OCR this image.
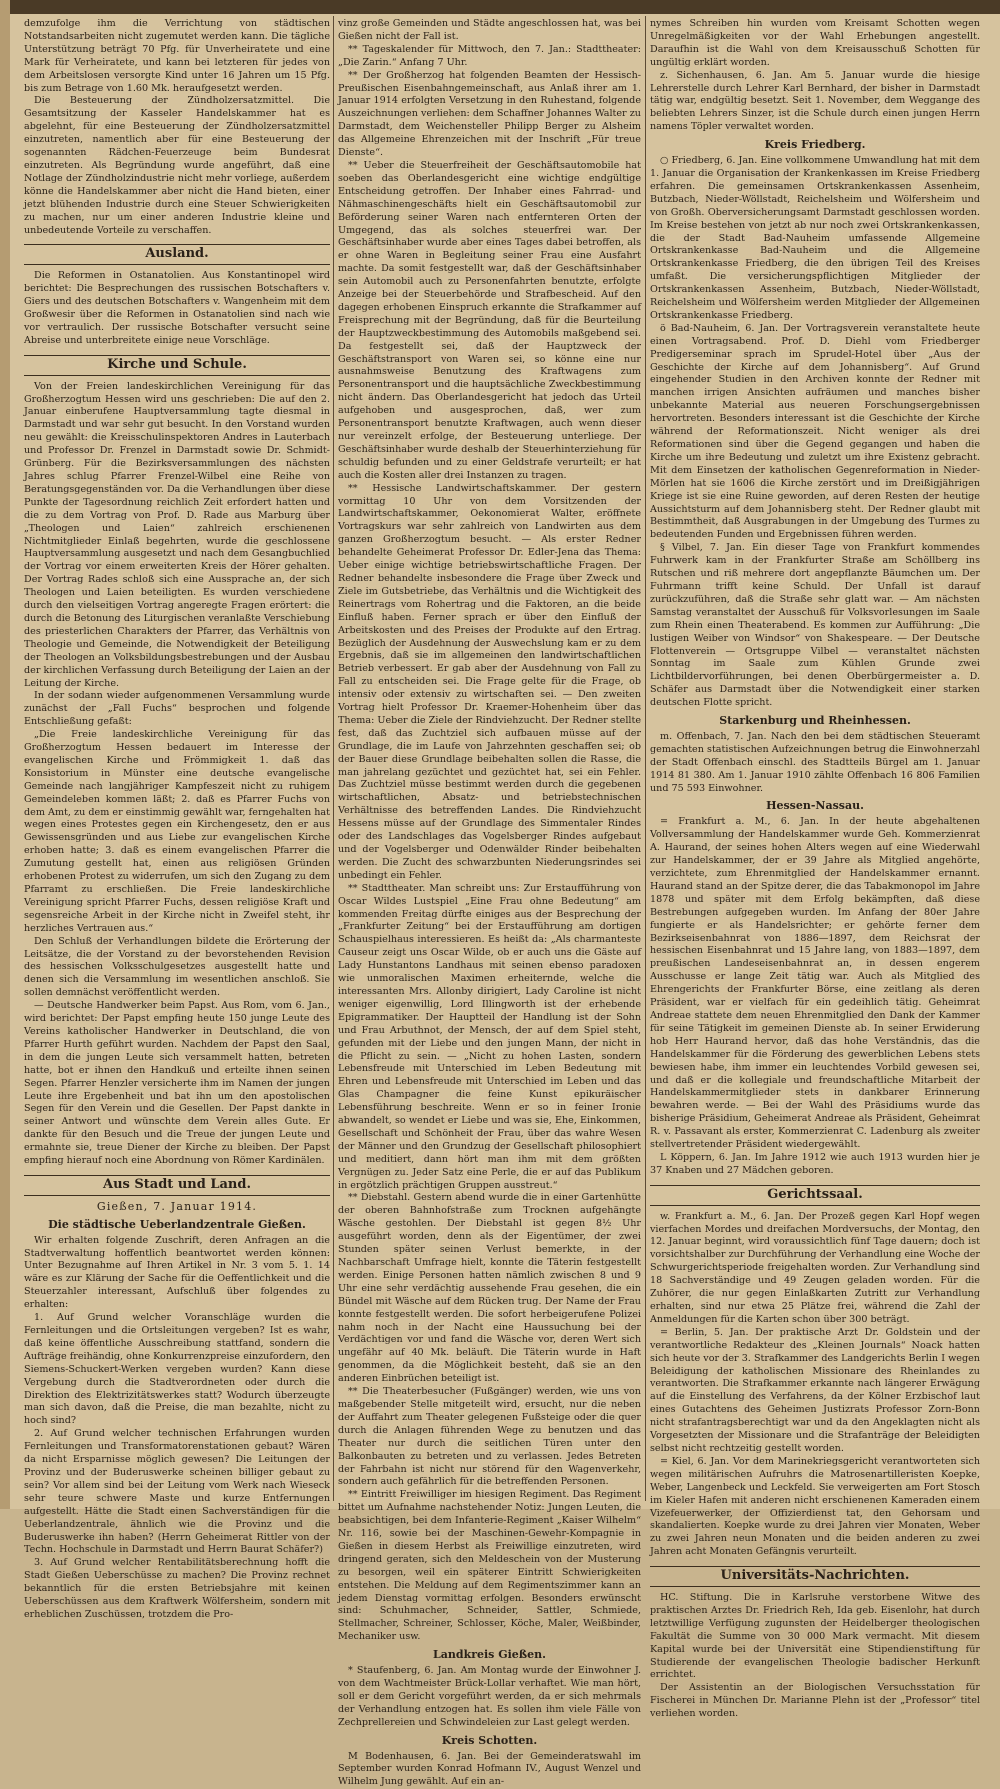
demzufolge ihm die Verrichtung von städtischen Notstandsarbeiten nicht zugemutet werden kann. Die tägliche Unterstützung beträgt 70 Pfg. für Unverheiratete und eine Mark für Verheiratete, und kann bei letzteren für jedes von dem Arbeitslosen versorgte Kind unter 16 Jahren um 15 Pfg. bis zum Betrage von 1.60 Mk. heraufgesetzt werden.

Die Besteuerung der Zündholzersatzmittel. Die Gesamtsitzung der Kasseler Handelskammer hat es abgelehnt, für eine Besteuerung der Zündholzersatzmittel einzutreten, namentlich aber für eine Besteuerung der sogenannten Rädchen-Feuerzeuge beim Bundesrat einzutreten. Als Begründung wurde angeführt, daß eine Notlage der Zündholzindustrie nicht mehr vorliege, außerdem könne die Handelskammer aber nicht die Hand bieten, einer jetzt blühenden Industrie durch eine Steuer Schwierigkeiten zu machen, nur um einer anderen Industrie kleine und unbedeutende Vorteile zu verschaffen.

Ausland.

Die Reformen in Ostanatolien. Aus Konstantinopel wird berichtet: Die Besprechungen des russischen Botschafters v. Giers und des deutschen Botschafters v. Wangenheim mit dem Großwesir über die Reformen in Ostanatolien sind nach wie vor vertraulich. Der russische Botschafter versucht seine Abreise und unterbreitete einige neue Vorschläge.

Kirche und Schule.

Von der Freien landeskirchlichen Vereinigung für das Großherzogtum Hessen wird uns geschrieben: Die auf den 2. Januar einberufene Hauptversammlung tagte diesmal in Darmstadt und war sehr gut besucht. In den Vorstand wurden neu gewählt: die Kreisschulinspektoren Andres in Lauterbach und Professor Dr. Frenzel in Darmstadt sowie Dr. Schmidt-Grünberg. Für die Bezirksversammlungen des nächsten Jahres schlug Pfarrer Frenzel-Wilbel eine Reihe von Beratungsgegenständen vor. Da die Verhandlungen über diese Punkte der Tagesordnung reichlich Zeit erfordert hatten und die zu dem Vortrag von Prof. D. Rade aus Marburg über „Theologen und Laien“ zahlreich erschienenen Nichtmitglieder Einlaß begehrten, wurde die geschlossene Hauptversammlung ausgesetzt und nach dem Gesangbuchlied der Vortrag vor einem erweiterten Kreis der Hörer gehalten. Der Vortrag Rades schloß sich eine Aussprache an, der sich Theologen und Laien beteiligten. Es wurden verschiedene durch den vielseitigen Vortrag angeregte Fragen erörtert: die durch die Betonung des Liturgischen veranlaßte Verschiebung des priesterlichen Charakters der Pfarrer, das Verhältnis von Theologie und Gemeinde, die Notwendigkeit der Beteiligung der Theologen an Volksbildungsbestrebungen und der Ausbau der kirchlichen Verfassung durch Beteiligung der Laien an der Leitung der Kirche.

In der sodann wieder aufgenommenen Versammlung wurde zunächst der „Fall Fuchs“ besprochen und folgende Entschließung gefaßt:

„Die Freie landeskirchliche Vereinigung für das Großherzogtum Hessen bedauert im Interesse der evangelischen Kirche und Frömmigkeit 1. daß das Konsistorium in Münster eine deutsche evangelische Gemeinde nach langjähriger Kampfeszeit nicht zu ruhigem Gemeindeleben kommen läßt; 2. daß es Pfarrer Fuchs von dem Amt, zu dem er einstimmig gewählt war, ferngehalten hat wegen eines Protestes gegen ein Kirchengesetz, den er aus Gewissensgründen und aus Liebe zur evangelischen Kirche erhoben hatte; 3. daß es einem evangelischen Pfarrer die Zumutung gestellt hat, einen aus religiösen Gründen erhobenen Protest zu widerrufen, um sich den Zugang zu dem Pfarramt zu erschließen. Die Freie landeskirchliche Vereinigung spricht Pfarrer Fuchs, dessen religiöse Kraft und segensreiche Arbeit in der Kirche nicht in Zweifel steht, ihr herzliches Vertrauen aus.“

Den Schluß der Verhandlungen bildete die Erörterung der Leitsätze, die der Vorstand zu der bevorstehenden Revision des hessischen Volksschulgesetzes ausgestellt hatte und denen sich die Versammlung im wesentlichen anschloß. Sie sollen demnächst veröffentlicht werden.

— Deutsche Handwerker beim Papst. Aus Rom, vom 6. Jan., wird berichtet: Der Papst empfing heute 150 junge Leute des Vereins katholischer Handwerker in Deutschland, die von Pfarrer Hurth geführt wurden. Nachdem der Papst den Saal, in dem die jungen Leute sich versammelt hatten, betreten hatte, bot er ihnen den Handkuß und erteilte ihnen seinen Segen. Pfarrer Henzler versicherte ihm im Namen der jungen Leute ihre Ergebenheit und bat ihn um den apostolischen Segen für den Verein und die Gesellen. Der Papst dankte in seiner Antwort und wünschte dem Verein alles Gute. Er dankte für den Besuch und die Treue der jungen Leute und ermahnte sie, treue Diener der Kirche zu bleiben. Der Papst empfing hierauf noch eine Abordnung von Römer Kardinälen.

Aus Stadt und Land.
Gießen, 7. Januar 1914.
Die städtische Ueberlandzentrale Gießen.

Wir erhalten folgende Zuschrift, deren Anfragen an die Stadtverwaltung hoffentlich beantwortet werden können: Unter Bezugnahme auf Ihren Artikel in Nr. 3 vom 5. 1. 14 wäre es zur Klärung der Sache für die Oeffentlichkeit und die Steuerzahler interessant, Aufschluß über folgendes zu erhalten:

1. Auf Grund welcher Voranschläge wurden die Fernleitungen und die Ortsleitungen vergeben? Ist es wahr, daß keine öffentliche Ausschreibung stattfand, sondern die Aufträge freihändig, ohne Konkurrenzpreise einzufordern, den Siemens-Schuckert-Werken vergeben wurden? Kann diese Vergebung durch die Stadtverordneten oder durch die Direktion des Elektrizitätswerkes statt? Wodurch überzeugte man sich davon, daß die Preise, die man bezahlte, nicht zu hoch sind?

2. Auf Grund welcher technischen Erfahrungen wurden Fernleitungen und Transformatorenstationen gebaut? Wären da nicht Ersparnisse möglich gewesen? Die Leitungen der Provinz und der Buderuswerke scheinen billiger gebaut zu sein? Vor allem sind bei der Leitung vom Werk nach Wieseck sehr teure schwere Maste und kurze Entfernungen aufgestellt. Hätte die Stadt einen Sachverständigen für die Ueberlandzentrale, ähnlich wie die Provinz und die Buderuswerke ihn haben? (Herrn Geheimerat Rittler von der Techn. Hochschule in Darmstadt und Herrn Baurat Schäfer?)

3. Auf Grund welcher Rentabilitätsberechnung hofft die Stadt Gießen Ueberschüsse zu machen? Die Provinz rechnet bekanntlich für die ersten Betriebsjahre mit keinen Ueberschüssen aus dem Kraftwerk Wölfersheim, sondern mit erheblichen Zuschüssen, trotzdem die Pro-

vinz große Gemeinden und Städte angeschlossen hat, was bei Gießen nicht der Fall ist.

** Tageskalender für Mittwoch, den 7. Jan.: Stadttheater: „Die Zarin.“ Anfang 7 Uhr.

** Der Großherzog hat folgenden Beamten der Hessisch-Preußischen Eisenbahngemeinschaft, aus Anlaß ihrer am 1. Januar 1914 erfolgten Versetzung in den Ruhestand, folgende Auszeichnungen verliehen: dem Schaffner Johannes Walter zu Darmstadt, dem Weichensteller Philipp Berger zu Alsheim das Allgemeine Ehrenzeichen mit der Inschrift „Für treue Dienste“.

** Ueber die Steuerfreiheit der Geschäftsautomobile hat soeben das Oberlandesgericht eine wichtige endgültige Entscheidung getroffen. Der Inhaber eines Fahrrad- und Nähmaschinengeschäfts hielt ein Geschäftsautomobil zur Beförderung seiner Waren nach entfernteren Orten der Umgegend, das als solches steuerfrei war. Der Geschäftsinhaber wurde aber eines Tages dabei betroffen, als er ohne Waren in Begleitung seiner Frau eine Ausfahrt machte. Da somit festgestellt war, daß der Geschäftsinhaber sein Automobil auch zu Personenfahrten benutzte, erfolgte Anzeige bei der Steuerbehörde und Strafbescheid. Auf den dagegen erhobenen Einspruch erkannte die Strafkammer auf Freisprechung mit der Begründung, daß für die Beurteilung der Hauptzweckbestimmung des Automobils maßgebend sei. Da festgestellt sei, daß der Hauptzweck der Geschäftstransport von Waren sei, so könne eine nur ausnahmsweise Benutzung des Kraftwagens zum Personentransport und die hauptsächliche Zweckbestimmung nicht ändern. Das Oberlandesgericht hat jedoch das Urteil aufgehoben und ausgesprochen, daß, wer zum Personentransport benutzte Kraftwagen, auch wenn dieser nur vereinzelt erfolge, der Besteuerung unterliege. Der Geschäftsinhaber wurde deshalb der Steuerhinterziehung für schuldig befunden und zu einer Geldstrafe verurteilt; er hat auch die Kosten aller drei Instanzen zu tragen.

** Hessische Landwirtschaftskammer. Der gestern vormittag 10 Uhr von dem Vorsitzenden der Landwirtschaftskammer, Oekonomierat Walter, eröffnete Vortragskurs war sehr zahlreich von Landwirten aus dem ganzen Großherzogtum besucht. — Als erster Redner behandelte Geheimerat Professor Dr. Edler-Jena das Thema: Ueber einige wichtige betriebswirtschaftliche Fragen. Der Redner behandelte insbesondere die Frage über Zweck und Ziele im Gutsbetriebe, das Verhältnis und die Wichtigkeit des Reinertrags vom Rohertrag und die Faktoren, an die beide Einfluß haben. Ferner sprach er über den Einfluß der Arbeitskosten und des Preises der Produkte auf den Ertrag. Bezüglich der Ausdehnung der Auswechslung kam er zu dem Ergebnis, daß sie im allgemeinen den landwirtschaftlichen Betrieb verbessert. Er gab aber der Ausdehnung von Fall zu Fall zu entscheiden sei. Die Frage gelte für die Frage, ob intensiv oder extensiv zu wirtschaften sei. — Den zweiten Vortrag hielt Professor Dr. Kraemer-Hohenheim über das Thema: Ueber die Ziele der Rindviehzucht. Der Redner stellte fest, daß das Zuchtziel sich aufbauen müsse auf der Grundlage, die im Laufe von Jahrzehnten geschaffen sei; ob der Bauer diese Grundlage beibehalten sollen die Rasse, die man jahrelang gezüchtet und gezüchtet hat, sei ein Fehler. Das Zuchtziel müsse bestimmt werden durch die gegebenen wirtschaftlichen, Absatz- und betriebstechnischen Verhältnisse des betreffenden Landes. Die Rindviehzucht Hessens müsse auf der Grundlage des Simmentaler Rindes oder des Landschlages das Vogelsberger Rindes aufgebaut und der Vogelsberger und Odenwälder Rinder beibehalten werden. Die Zucht des schwarzbunten Niederungsrindes sei unbedingt ein Fehler.

** Stadttheater. Man schreibt uns: Zur Erstaufführung von Oscar Wildes Lustspiel „Eine Frau ohne Bedeutung“ am kommenden Freitag dürfte einiges aus der Besprechung der „Frankfurter Zeitung“ bei der Erstaufführung am dortigen Schauspielhaus interessieren. Es heißt da: „Als charmanteste Causeur zeigt uns Oscar Wilde, ob er auch uns die Gäste auf Lady Hunstantons Landhaus mit seinen ebenso paradoxen wie unmoralischen Maximen erheiternde, welche die interessanten Mrs. Allonby dirigiert, Lady Caroline ist nicht weniger eigenwillig, Lord Illingworth ist der erhebende Epigrammatiker. Der Hauptteil der Handlung ist der Sohn und Frau Arbuthnot, der Mensch, der auf dem Spiel steht, gefunden mit der Liebe und den jungen Mann, der nicht in die Pflicht zu sein. — „Nicht zu hohen Lasten, sondern Lebensfreude mit Unterschied im Leben Bedeutung mit Ehren und Lebensfreude mit Unterschied im Leben und das Glas Champagner die feine Kunst epikuräischer Lebensführung beschreite. Wenn er so in feiner Ironie abwandelt, so wendet er Liebe und was sie, Ehe, Einkommen, Gesellschaft und Schönheit der Frau, über das wahre Wesen der Männer und den Grundzug der Gesellschaft philosophiert und meditiert, dann hört man ihm mit dem größten Vergnügen zu. Jeder Satz eine Perle, die er auf das Publikum in ergötzlich prächtigen Gruppen ausstreut.“

** Diebstahl. Gestern abend wurde die in einer Gartenhütte der oberen Bahnhofstraße zum Trocknen aufgehängte Wäsche gestohlen. Der Diebstahl ist gegen 8½ Uhr ausgeführt worden, denn als der Eigentümer, der zwei Stunden später seinen Verlust bemerkte, in der Nachbarschaft Umfrage hielt, konnte die Täterin festgestellt werden. Einige Personen hatten nämlich zwischen 8 und 9 Uhr eine sehr verdächtig aussehende Frau gesehen, die ein Bündel mit Wäsche auf dem Rücken trug. Der Name der Frau konnte festgestellt werden. Die sofort herbeigerufene Polizei nahm noch in der Nacht eine Haussuchung bei der Verdächtigen vor und fand die Wäsche vor, deren Wert sich ungefähr auf 40 Mk. beläuft. Die Täterin wurde in Haft genommen, da die Möglichkeit besteht, daß sie an den anderen Einbrüchen beteiligt ist.

** Die Theaterbesucher (Fußgänger) werden, wie uns von maßgebender Stelle mitgeteilt wird, ersucht, nur die neben der Auffahrt zum Theater gelegenen Fußsteige oder die quer durch die Anlagen führenden Wege zu benutzen und das Theater nur durch die seitlichen Türen unter den Balkonbauten zu betreten und zu verlassen. Jedes Betreten der Fahrbahn ist nicht nur störend für den Wagenverkehr, sondern auch gefährlich für die betreffenden Personen.

** Eintritt Freiwilliger im hiesigen Regiment. Das Regiment bittet um Aufnahme nachstehender Notiz: Jungen Leuten, die beabsichtigen, bei dem Infanterie-Regiment „Kaiser Wilhelm“ Nr. 116, sowie bei der Maschinen-Gewehr-Kompagnie in Gießen in diesem Herbst als Freiwillige einzutreten, wird dringend geraten, sich den Meldeschein von der Musterung zu besorgen, weil ein späterer Eintritt Schwierigkeiten entstehen. Die Meldung auf dem Regimentszimmer kann an jedem Dienstag vormittag erfolgen. Besonders erwünscht sind: Schuhmacher, Schneider, Sattler, Schmiede, Stellmacher, Schreiner, Schlosser, Köche, Maler, Weißbinder, Mechaniker usw.

Landkreis Gießen.

* Staufenberg, 6. Jan. Am Montag wurde der Einwohner J. von dem Wachtmeister Brück-Lollar verhaftet. Wie man hört, soll er dem Gericht vorgeführt werden, da er sich mehrmals der Verhandlung entzogen hat. Es sollen ihm viele Fälle von Zechprellereien und Schwindeleien zur Last gelegt werden.

Kreis Schotten.

M Bodenhausen, 6. Jan. Bei der Gemeinderatswahl im September wurden Konrad Hofmann IV., August Wenzel und Wilhelm Jung gewählt. Auf ein an-

nymes Schreiben hin wurden vom Kreisamt Schotten wegen Unregelmäßigkeiten vor der Wahl Erhebungen angestellt. Daraufhin ist die Wahl von dem Kreisausschuß Schotten für ungültig erklärt worden.

z. Sichenhausen, 6. Jan. Am 5. Januar wurde die hiesige Lehrerstelle durch Lehrer Karl Bernhard, der bisher in Darmstadt tätig war, endgültig besetzt. Seit 1. November, dem Weggange des beliebten Lehrers Sinzer, ist die Schule durch einen jungen Herrn namens Töpler verwaltet worden.

Kreis Friedberg.

○ Friedberg, 6. Jan. Eine vollkommene Umwandlung hat mit dem 1. Januar die Organisation der Krankenkassen im Kreise Friedberg erfahren. Die gemeinsamen Ortskrankenkassen Assenheim, Butzbach, Nieder-Wöllstadt, Reichelsheim und Wölfersheim und von Großh. Oberversicherungsamt Darmstadt geschlossen worden. Im Kreise bestehen von jetzt ab nur noch zwei Ortskrankenkassen, die der Stadt Bad-Nauheim umfassende Allgemeine Ortskrankenkasse Bad-Nauheim und die Allgemeine Ortskrankenkasse Friedberg, die den übrigen Teil des Kreises umfaßt. Die versicherungspflichtigen Mitglieder der Ortskrankenkassen Assenheim, Butzbach, Nieder-Wöllstadt, Reichelsheim und Wölfersheim werden Mitglieder der Allgemeinen Ortskrankenkasse Friedberg.

ö Bad-Nauheim, 6. Jan. Der Vortragsverein veranstaltete heute einen Vortragsabend. Prof. D. Diehl vom Friedberger Predigerseminar sprach im Sprudel-Hotel über „Aus der Geschichte der Kirche auf dem Johannisberg“. Auf Grund eingehender Studien in den Archiven konnte der Redner mit manchen irrigen Ansichten aufräumen und manches bisher unbekannte Material aus neueren Forschungsergebnissen hervortreten. Besonders interessant ist die Geschichte der Kirche während der Reformationszeit. Nicht weniger als drei Reformationen sind über die Gegend gegangen und haben die Kirche um ihre Bedeutung und zuletzt um ihre Existenz gebracht. Mit dem Einsetzen der katholischen Gegenreformation in Nieder-Mörlen hat sie 1606 die Kirche zerstört und im Dreißigjährigen Kriege ist sie eine Ruine geworden, auf deren Resten der heutige Aussichtsturm auf dem Johannisberg steht. Der Redner glaubt mit Bestimmtheit, daß Ausgrabungen in der Umgebung des Turmes zu bedeutenden Funden und Ergebnissen führen werden.

§ Vilbel, 7. Jan. Ein dieser Tage von Frankfurt kommendes Fuhrwerk kam in der Frankfurter Straße am Schöllberg ins Rutschen und riß mehrere dort angepflanzte Bäumchen um. Der Fuhrmann trifft keine Schuld. Der Unfall ist darauf zurückzuführen, daß die Straße sehr glatt war. — Am nächsten Samstag veranstaltet der Ausschuß für Volksvorlesungen im Saale zum Rhein einen Theaterabend. Es kommen zur Aufführung: „Die lustigen Weiber von Windsor“ von Shakespeare. — Der Deutsche Flottenverein — Ortsgruppe Vilbel — veranstaltet nächsten Sonntag im Saale zum Kühlen Grunde zwei Lichtbildervorführungen, bei denen Oberbürgermeister a. D. Schäfer aus Darmstadt über die Notwendigkeit einer starken deutschen Flotte spricht.

Starkenburg und Rheinhessen.

m. Offenbach, 7. Jan. Nach den bei dem städtischen Steueramt gemachten statistischen Aufzeichnungen betrug die Einwohnerzahl der Stadt Offenbach einschl. des Stadtteils Bürgel am 1. Januar 1914 81 380. Am 1. Januar 1910 zählte Offenbach 16 806 Familien und 75 593 Einwohner.

Hessen-Nassau.

= Frankfurt a. M., 6. Jan. In der heute abgehaltenen Vollversammlung der Handelskammer wurde Geh. Kommerzienrat A. Haurand, der seines hohen Alters wegen auf eine Wiederwahl zur Handelskammer, der er 39 Jahre als Mitglied angehörte, verzichtete, zum Ehrenmitglied der Handelskammer ernannt. Haurand stand an der Spitze derer, die das Tabakmonopol im Jahre 1878 und später mit dem Erfolg bekämpften, daß diese Bestrebungen aufgegeben wurden. Im Anfang der 80er Jahre fungierte er als Handelsrichter; er gehörte ferner dem Bezirkseisenbahnrat von 1886—1897, dem Reichsrat der hessischen Eisenbahnrat und 15 Jahre lang, von 1883—1897, dem preußischen Landeseisenbahnrat an, in dessen engerem Ausschusse er lange Zeit tätig war. Auch als Mitglied des Ehrengerichts der Frankfurter Börse, eine zeitlang als deren Präsident, war er vielfach für ein gedeihlich tätig. Geheimrat Andreae stattete dem neuen Ehrenmitglied den Dank der Kammer für seine Tätigkeit im gemeinen Dienste ab. In seiner Erwiderung hob Herr Haurand hervor, daß das hohe Verständnis, das die Handelskammer für die Förderung des gewerblichen Lebens stets bewiesen habe, ihm immer ein leuchtendes Vorbild gewesen sei, und daß er die kollegiale und freundschaftliche Mitarbeit der Handelskammermitglieder stets in dankbarer Erinnerung bewahren werde. — Bei der Wahl des Präsidiums wurde das bisherige Präsidium, Geheimerat Andreae als Präsident, Geheimrat R. v. Passavant als erster, Kommerzienrat C. Ladenburg als zweiter stellvertretender Präsident wiedergewählt.

L Köppern, 6. Jan. Im Jahre 1912 wie auch 1913 wurden hier je 37 Knaben und 27 Mädchen geboren.

Gerichtssaal.

w. Frankfurt a. M., 6. Jan. Der Prozeß gegen Karl Hopf wegen vierfachen Mordes und dreifachen Mordversuchs, der Montag, den 12. Januar beginnt, wird voraussichtlich fünf Tage dauern; doch ist vorsichtshalber zur Durchführung der Verhandlung eine Woche der Schwurgerichtsperiode freigehalten worden. Zur Verhandlung sind 18 Sachverständige und 49 Zeugen geladen worden. Für die Zuhörer, die nur gegen Einlaßkarten Zutritt zur Verhandlung erhalten, sind nur etwa 25 Plätze frei, während die Zahl der Anmeldungen für die Karten schon über 300 beträgt.

= Berlin, 5. Jan. Der praktische Arzt Dr. Goldstein und der verantwortliche Redakteur des „Kleinen Journals“ Noack hatten sich heute vor der 3. Strafkammer des Landgerichts Berlin I wegen Beleidigung der katholischen Missionare des Rheinlandes zu verantworten. Die Strafkammer erkannte nach längerer Erwägung auf die Einstellung des Verfahrens, da der Kölner Erzbischof laut eines Gutachtens des Geheimen Justizrats Professor Zorn-Bonn nicht strafantragsberechtigt war und da den Angeklagten nicht als Vorgesetzten der Missionare und die Strafanträge der Beleidigten selbst nicht rechtzeitig gestellt worden.

= Kiel, 6. Jan. Vor dem Marinekriegsgericht verantworteten sich wegen militärischen Aufruhrs die Matrosenartilleristen Koepke, Weber, Langenbeck und Leckfeld. Sie verweigerten am Fort Stosch im Kieler Hafen mit anderen nicht erschienenen Kameraden einem Vizefeuerwerker, der Offizierdienst tat, den Gehorsam und skandalierten. Koepke wurde zu drei Jahren vier Monaten, Weber zu zwei Jahren neun Monaten und die beiden anderen zu zwei Jahren acht Monaten Gefängnis verurteilt.

Universitäts-Nachrichten.

HC. Stiftung. Die in Karlsruhe verstorbene Witwe des praktischen Arztes Dr. Friedrich Reh, Ida geb. Eisenlohr, hat durch letztwillige Verfügung zugunsten der Heidelberger theologischen Fakultät die Summe von 30 000 Mark vermacht. Mit diesem Kapital wurde bei der Universität eine Stipendienstiftung für Studierende der evangelischen Theologie badischer Herkunft errichtet.

Der Assistentin an der Biologischen Versuchsstation für Fischerei in München Dr. Marianne Plehn ist der „Professor“ titel verliehen worden.
